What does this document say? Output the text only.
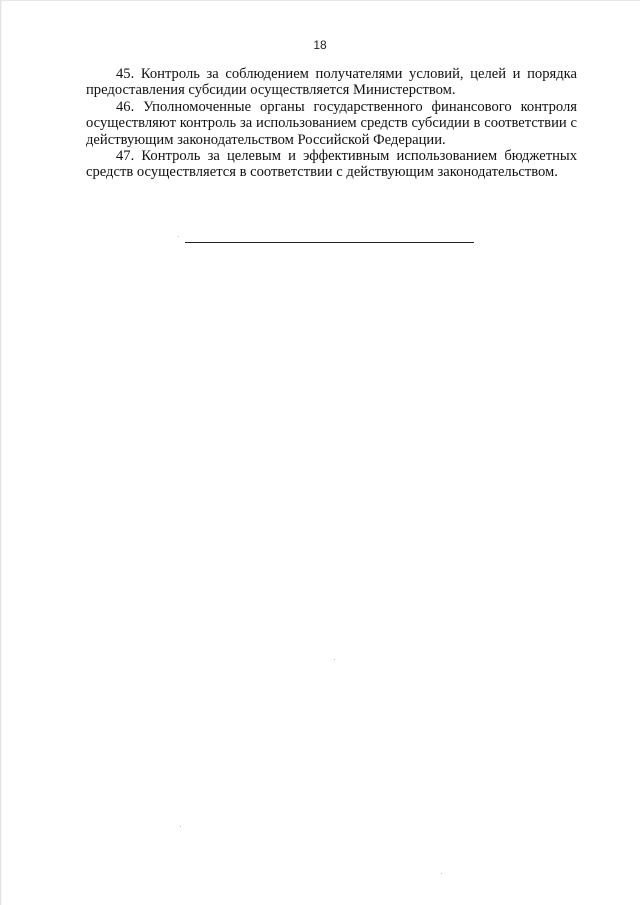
18

45. Контроль за соблюдением получателями условий, целей и порядка предоставления субсидии осуществляется Министерством.

46. Уполномоченные органы государственного финансового контроля осуществляют контроль за использованием средств субсидии в соответствии с действующим законодательством Российской Федерации.

47. Контроль за целевым и эффективным использованием бюджетных средств осуществляется в соответствии с действующим законодательством.
